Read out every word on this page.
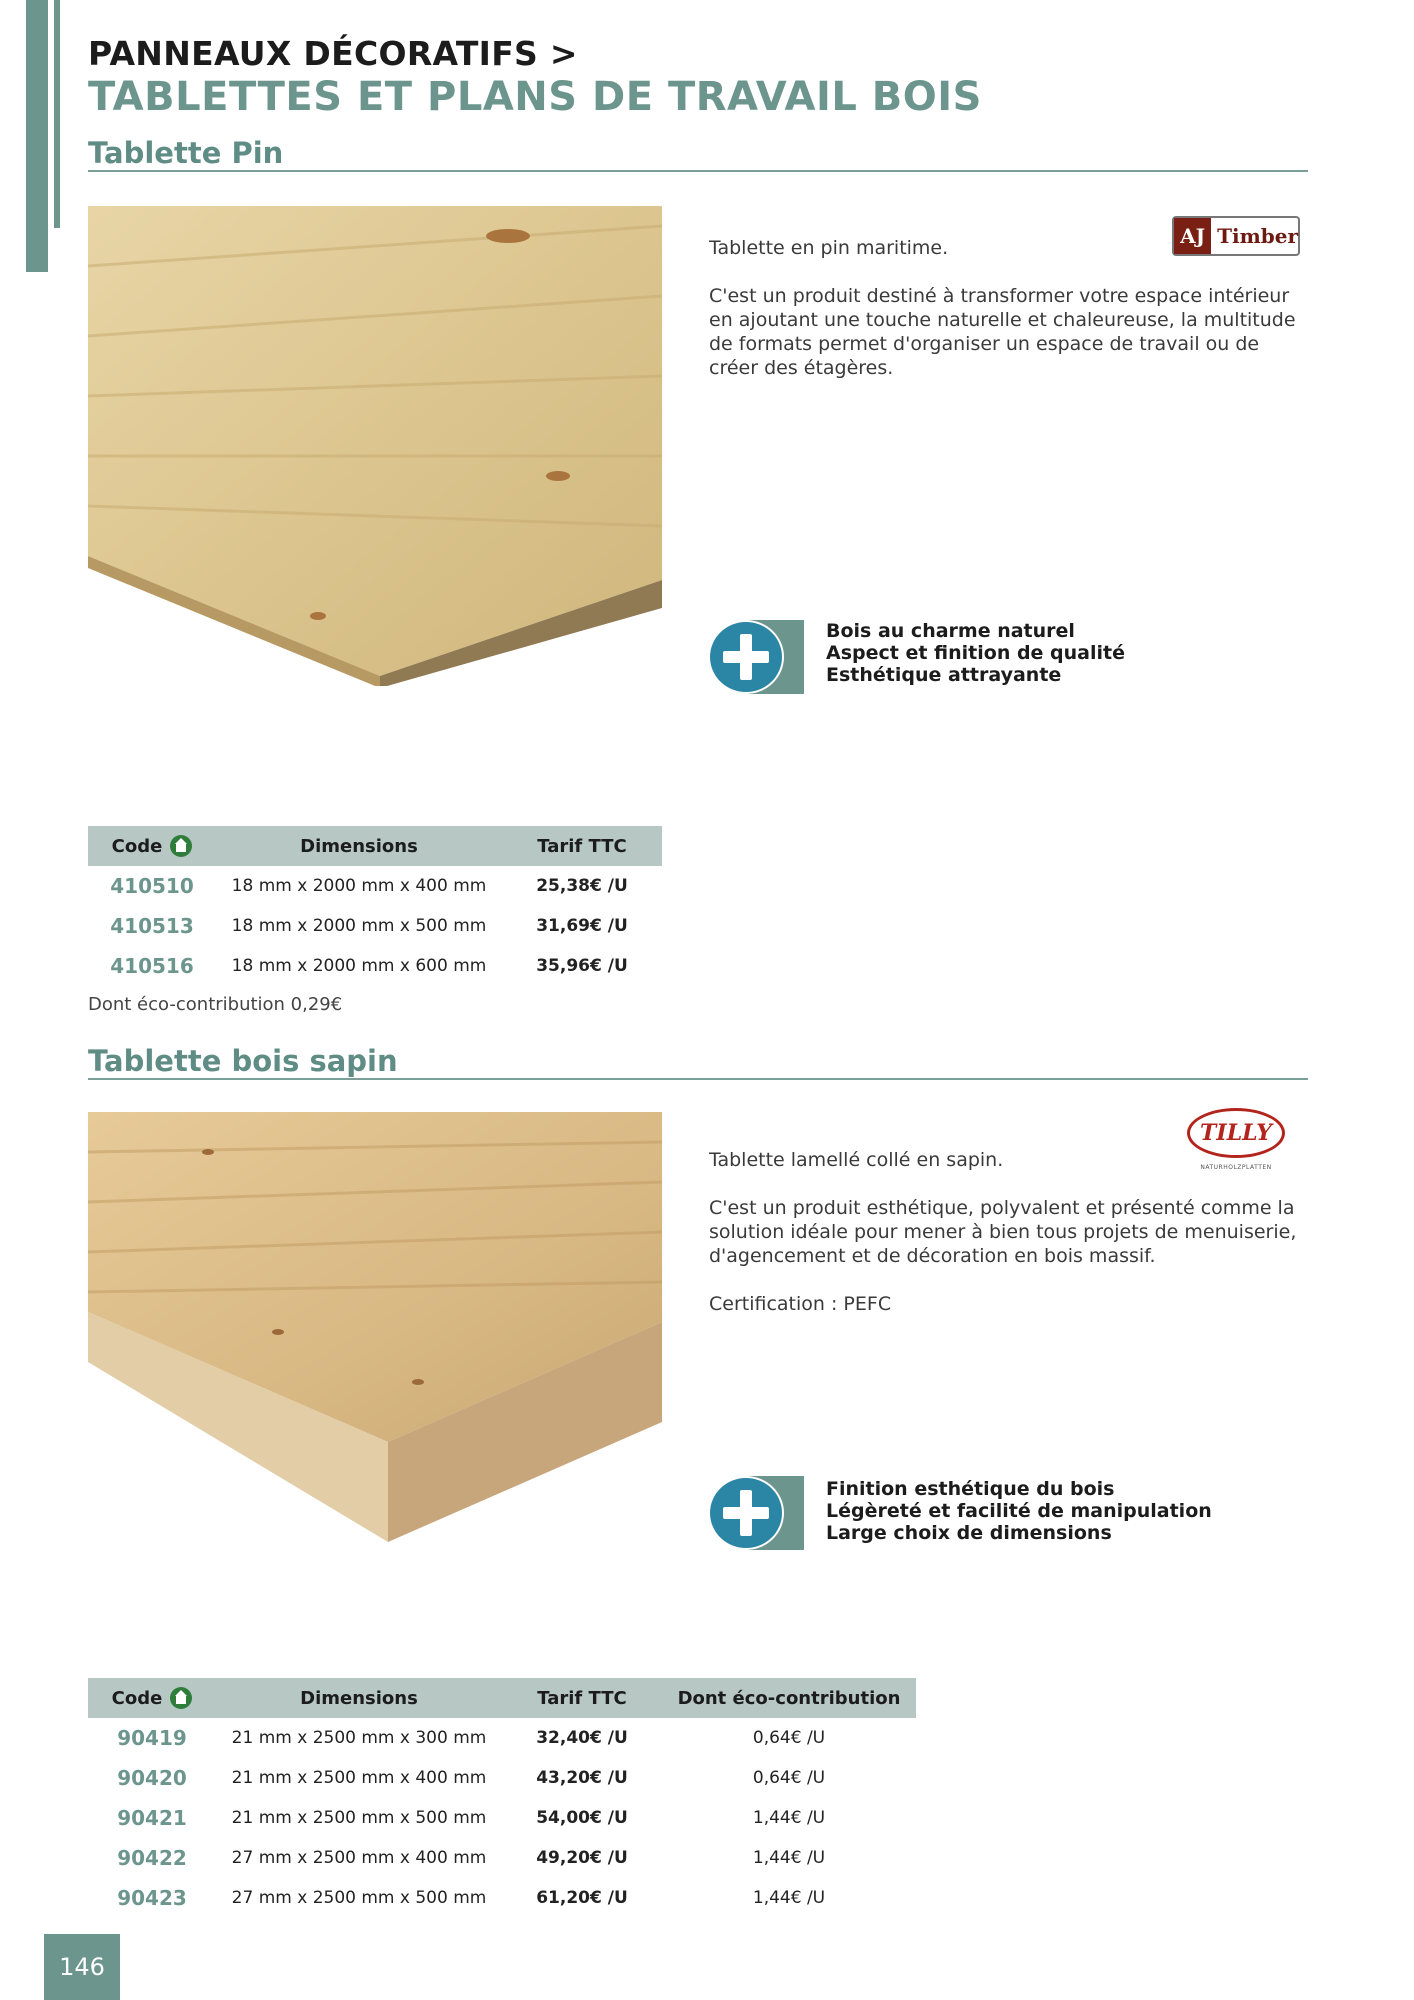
PANNEAUX DÉCORATIFS >
TABLETTES ET PLANS DE TRAVAIL BOIS
Tablette Pin
AJ Timber

Tablette en pin maritime.

C'est un produit destiné à transformer votre espace intérieur en ajoutant une touche naturelle et chaleureuse, la multitude de formats permet d'organiser un espace de travail ou de créer des étagères.

Bois au charme naturel
Aspect et finition de qualité
Esthétique attrayante
Code	Dimensions	Tarif TTC
410510	18 mm x 2000 mm x 400 mm	25,38€ /U
410513	18 mm x 2000 mm x 500 mm	31,69€ /U
410516	18 mm x 2000 mm x 600 mm	35,96€ /U
Dont éco-contribution 0,29€
Tablette bois sapin
TILLY
NATURHOLZPLATTEN

Tablette lamellé collé en sapin.

C'est un produit esthétique, polyvalent et présenté comme la solution idéale pour mener à bien tous projets de menuiserie, d'agencement et de décoration en bois massif.

Certification : PEFC

Finition esthétique du bois
Légèreté et facilité de manipulation
Large choix de dimensions
Code	Dimensions	Tarif TTC	Dont éco-contribution
90419	21 mm x 2500 mm x 300 mm	32,40€ /U	0,64€ /U
90420	21 mm x 2500 mm x 400 mm	43,20€ /U	0,64€ /U
90421	21 mm x 2500 mm x 500 mm	54,00€ /U	1,44€ /U
90422	27 mm x 2500 mm x 400 mm	49,20€ /U	1,44€ /U
90423	27 mm x 2500 mm x 500 mm	61,20€ /U	1,44€ /U
146
